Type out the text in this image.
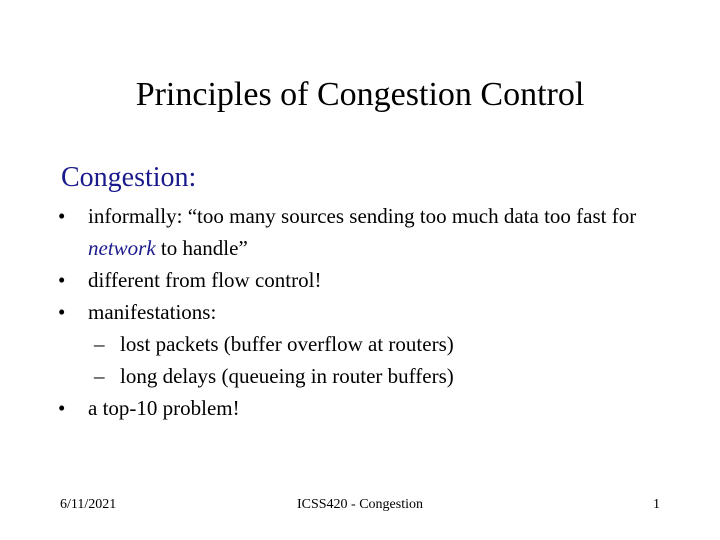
Principles of Congestion Control
Congestion:
•	informally: “too many sources sending too much data too fast for network to handle”
•	different from flow control!
•	manifestations:
– lost packets (buffer overflow at routers)
– long delays (queueing in router buffers)
•	a top-10 problem!
6/11/2021	ICSS420 - Congestion	1
